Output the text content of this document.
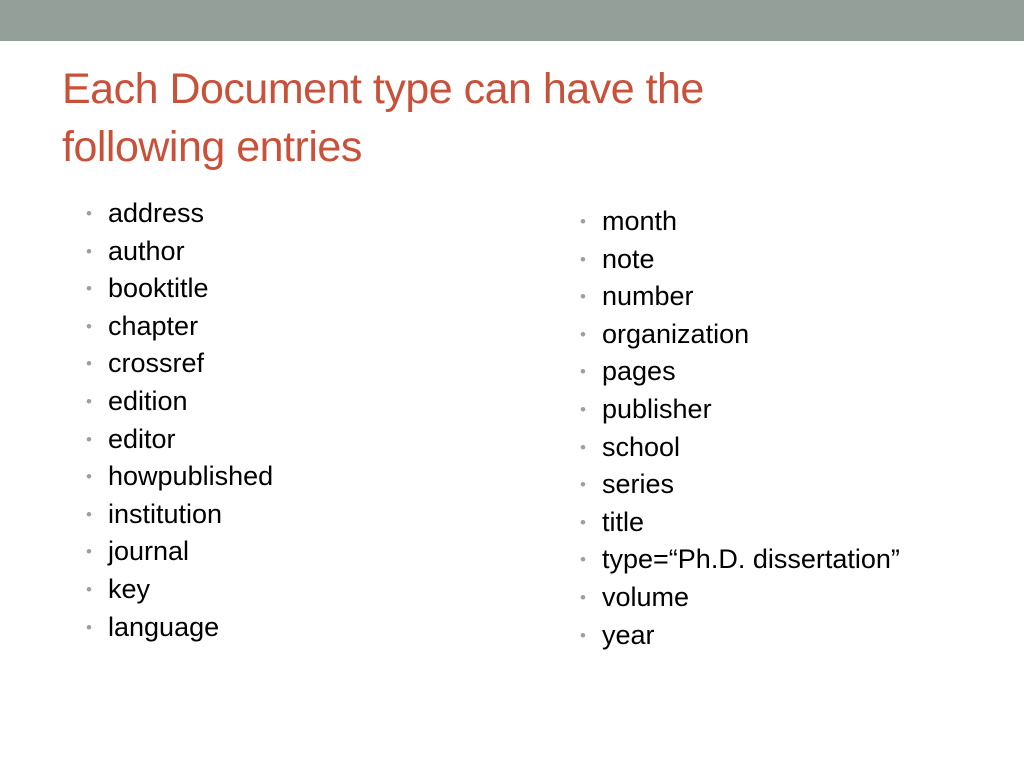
Each Document type can have the
following entries
• address
• author
• booktitle
• chapter
• crossref
• edition
• editor
• howpublished
• institution
• journal
• key
• language
• month
• note
• number
• organization
• pages
• publisher
• school
• series
• title
• type=“Ph.D. dissertation”
• volume
• year
